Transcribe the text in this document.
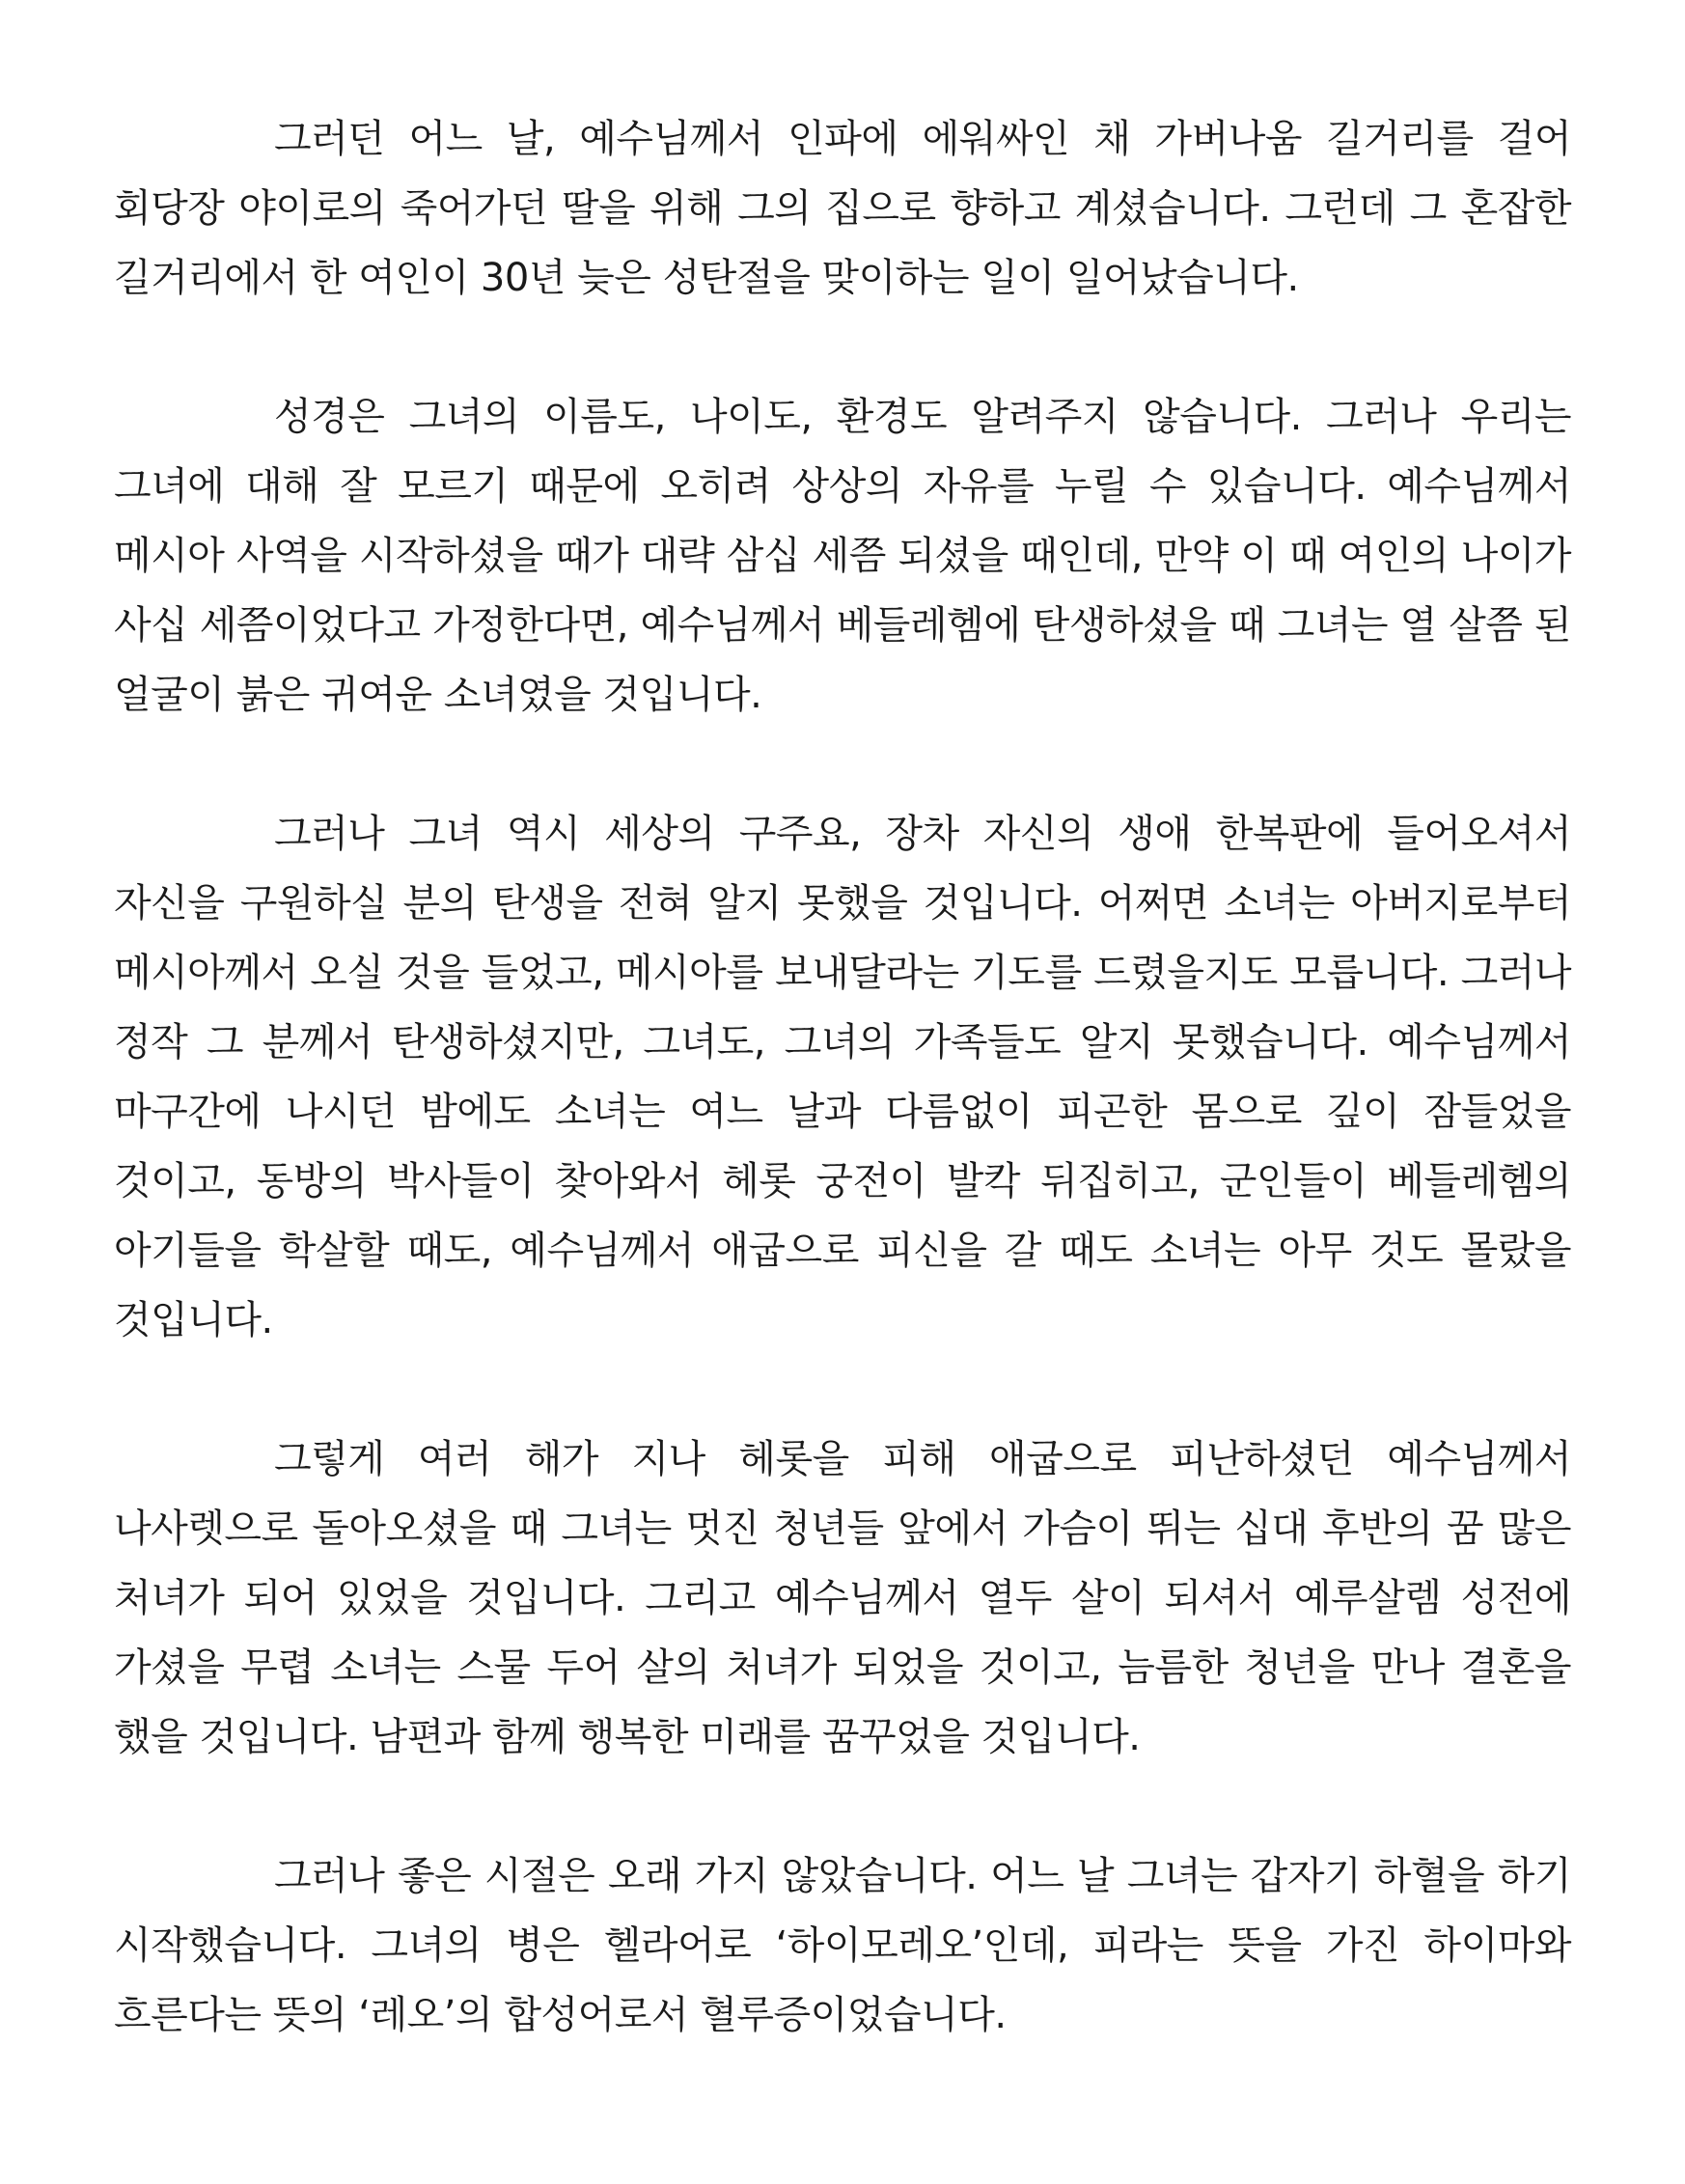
그러던 어느 날, 예수님께서 인파에 에워싸인 채 가버나움 길거리를 걸어 회당장 야이로의 죽어가던 딸을 위해 그의 집으로 향하고 계셨습니다. 그런데 그 혼잡한 길거리에서 한 여인이 30년 늦은 성탄절을 맞이하는 일이 일어났습니다.

성경은 그녀의 이름도, 나이도, 환경도 알려주지 않습니다. 그러나 우리는 그녀에 대해 잘 모르기 때문에 오히려 상상의 자유를 누릴 수 있습니다. 예수님께서 메시아 사역을 시작하셨을 때가 대략 삼십 세쯤 되셨을 때인데, 만약 이 때 여인의 나이가 사십 세쯤이었다고 가정한다면, 예수님께서 베들레헴에 탄생하셨을 때 그녀는 열 살쯤 된 얼굴이 붉은 귀여운 소녀였을 것입니다.

그러나 그녀 역시 세상의 구주요, 장차 자신의 생애 한복판에 들어오셔서 자신을 구원하실 분의 탄생을 전혀 알지 못했을 것입니다. 어쩌면 소녀는 아버지로부터 메시아께서 오실 것을 들었고, 메시아를 보내달라는 기도를 드렸을지도 모릅니다. 그러나 정작 그 분께서 탄생하셨지만, 그녀도, 그녀의 가족들도 알지 못했습니다. 예수님께서 마구간에 나시던 밤에도 소녀는 여느 날과 다름없이 피곤한 몸으로 깊이 잠들었을 것이고, 동방의 박사들이 찾아와서 헤롯 궁전이 발칵 뒤집히고, 군인들이 베들레헴의 아기들을 학살할 때도, 예수님께서 애굽으로 피신을 갈 때도 소녀는 아무 것도 몰랐을 것입니다.

그렇게 여러 해가 지나 헤롯을 피해 애굽으로 피난하셨던 예수님께서 나사렛으로 돌아오셨을 때 그녀는 멋진 청년들 앞에서 가슴이 뛰는 십대 후반의 꿈 많은 처녀가 되어 있었을 것입니다. 그리고 예수님께서 열두 살이 되셔서 예루살렘 성전에 가셨을 무렵 소녀는 스물 두어 살의 처녀가 되었을 것이고, 늠름한 청년을 만나 결혼을 했을 것입니다. 남편과 함께 행복한 미래를 꿈꾸었을 것입니다.

그러나 좋은 시절은 오래 가지 않았습니다. 어느 날 그녀는 갑자기 하혈을 하기 시작했습니다. 그녀의 병은 헬라어로 ‘하이모레오’인데, 피라는 뜻을 가진 하이마와 흐른다는 뜻의 ‘레오’의 합성어로서 혈루증이었습니다.
